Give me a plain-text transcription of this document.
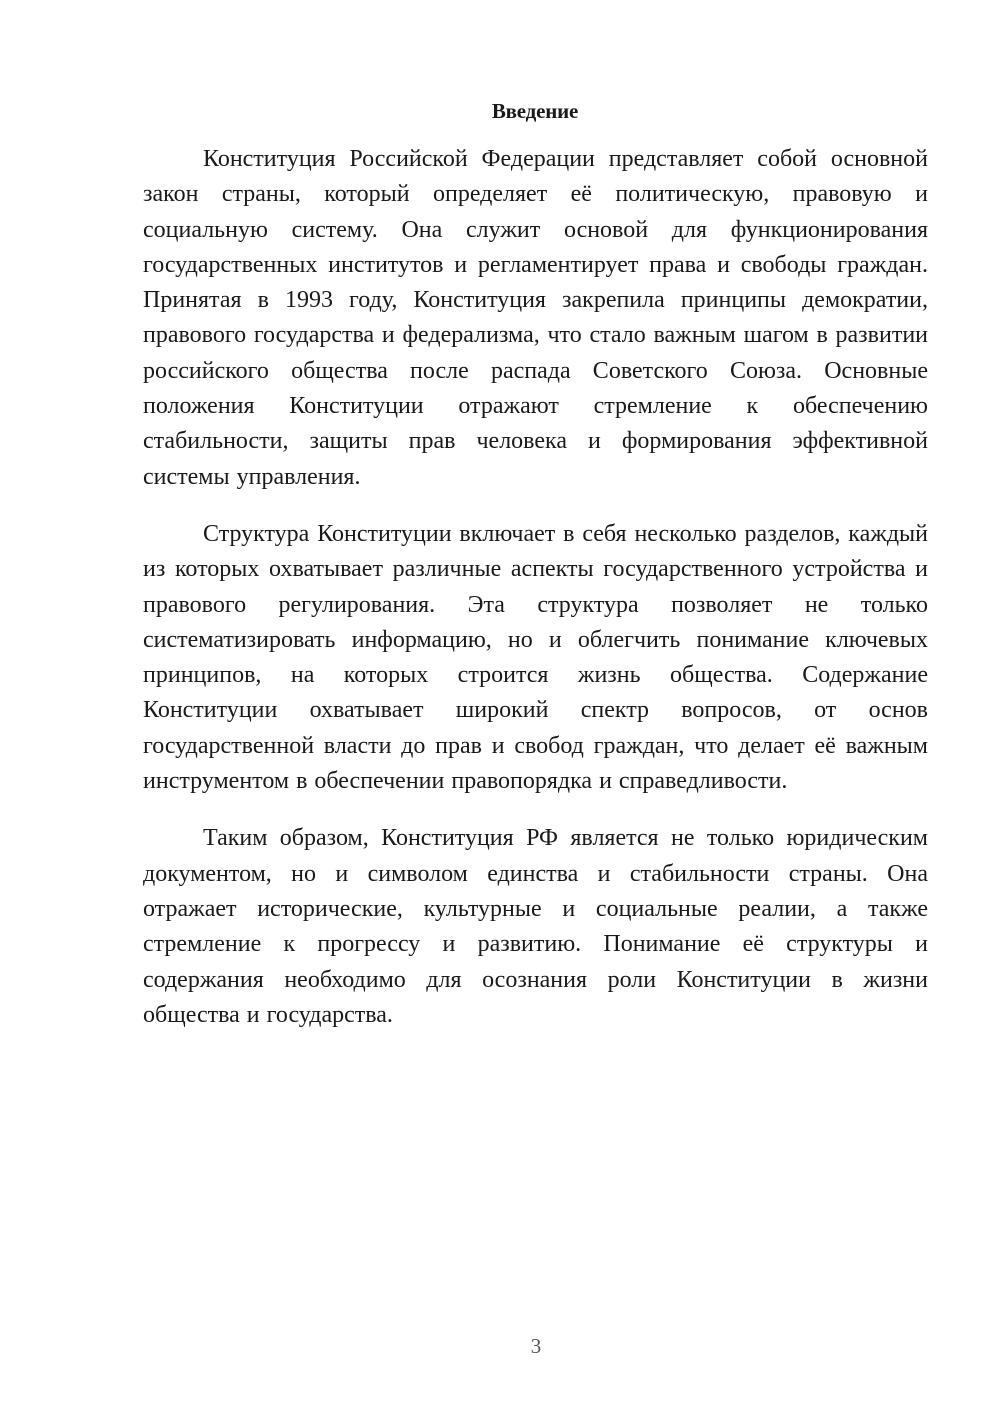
Введение

Конституция Российской Федерации представляет собой основной закон страны, который определяет её политическую, правовую и социальную систему. Она служит основой для функционирования государственных институтов и регламентирует права и свободы граждан. Принятая в 1993 году, Конституция закрепила принципы демократии, правового государства и федерализма, что стало важным шагом в развитии российского общества после распада Советского Союза. Основные положения Конституции отражают стремление к обеспечению стабильности, защиты прав человека и формирования эффективной системы управления.

Структура Конституции включает в себя несколько разделов, каждый из которых охватывает различные аспекты государственного устройства и правового регулирования. Эта структура позволяет не только систематизировать информацию, но и облегчить понимание ключевых принципов, на которых строится жизнь общества. Содержание Конституции охватывает широкий спектр вопросов, от основ государственной власти до прав и свобод граждан, что делает её важным инструментом в обеспечении правопорядка и справедливости.

Таким образом, Конституция РФ является не только юридическим документом, но и символом единства и стабильности страны. Она отражает исторические, культурные и социальные реалии, а также стремление к прогрессу и развитию. Понимание её структуры и содержания необходимо для осознания роли Конституции в жизни общества и государства.

3
